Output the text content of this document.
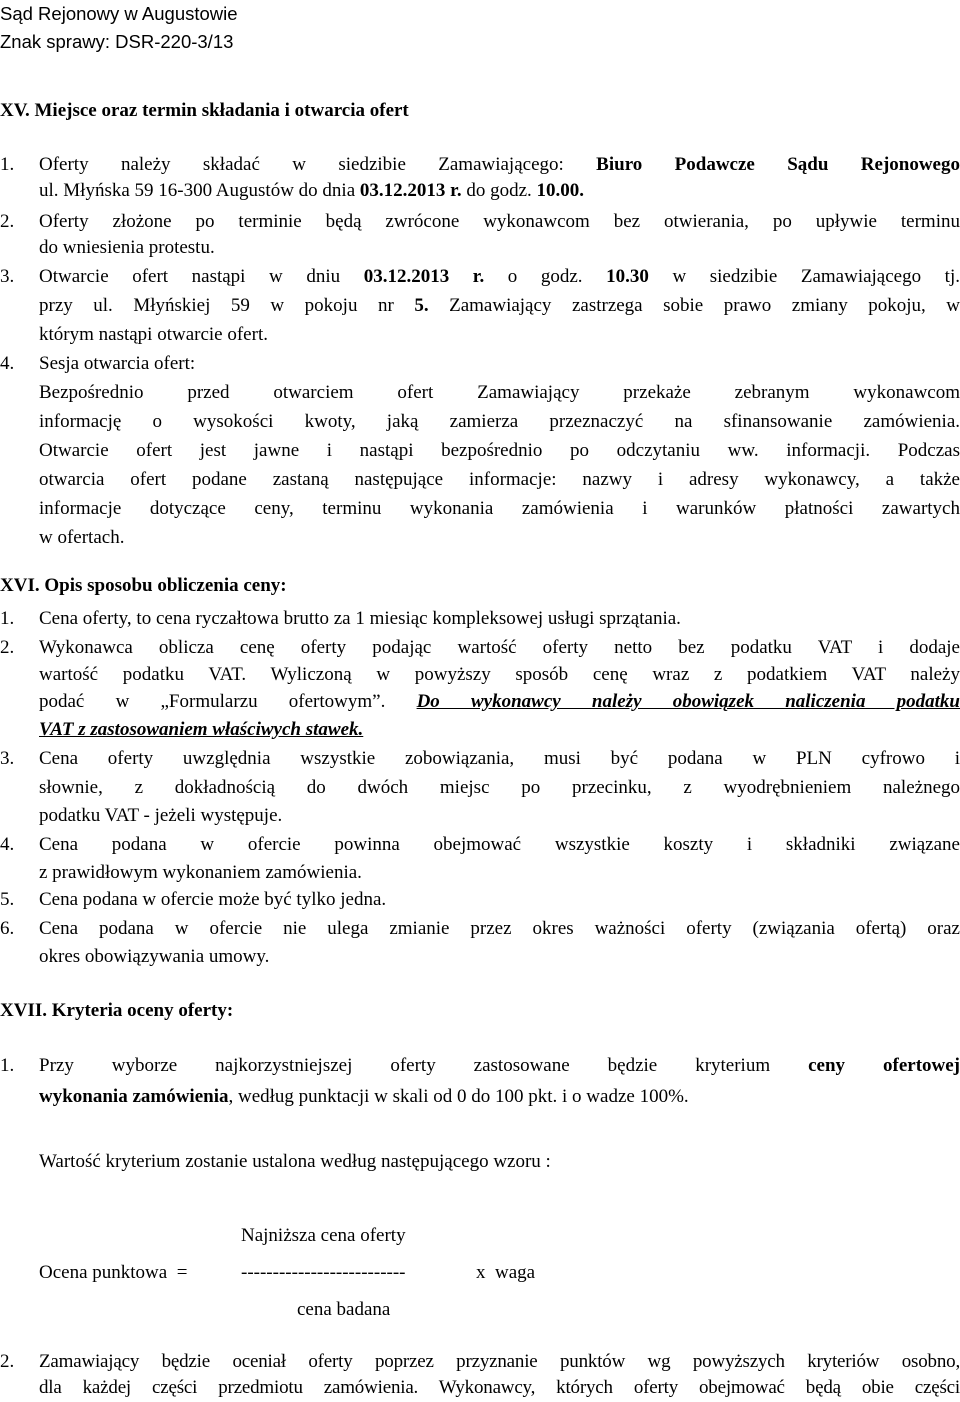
Sąd Rejonowy w Augustowie
Znak sprawy: DSR-220-3/13
XV. Miejsce oraz termin składania i otwarcia ofert
1. Oferty należy składać w siedzibie Zamawiającego: Biuro Podawcze Sądu Rejonowego
ul. Młyńska 59 16-300 Augustów do dnia 03.12.2013 r. do godz. 10.00.
2. Oferty złożone po terminie będą zwrócone wykonawcom bez otwierania, po upływie terminu
do wniesienia protestu.
3. Otwarcie ofert nastąpi w dniu 03.12.2013 r. o godz. 10.30 w siedzibie Zamawiającego tj.
przy ul. Młyńskiej 59 w pokoju nr 5. Zamawiający zastrzega sobie prawo zmiany pokoju, w
którym nastąpi otwarcie ofert.
4. Sesja otwarcia ofert:
Bezpośrednio przed otwarciem ofert Zamawiający przekaże zebranym wykonawcom
informację o wysokości kwoty, jaką zamierza przeznaczyć na sfinansowanie zamówienia.
Otwarcie ofert jest jawne i nastąpi bezpośrednio po odczytaniu ww. informacji. Podczas
otwarcia ofert podane zastaną następujące informacje: nazwy i adresy wykonawcy, a także
informacje dotyczące ceny, terminu wykonania zamówienia i warunków płatności zawartych
w ofertach.
XVI. Opis sposobu obliczenia ceny:
1. Cena oferty, to cena ryczałtowa brutto za 1 miesiąc kompleksowej usługi sprzątania.
2. Wykonawca oblicza cenę oferty podając wartość oferty netto bez podatku VAT i dodaje
wartość podatku VAT. Wyliczoną w powyższy sposób cenę wraz z podatkiem VAT należy
podać w „Formularzu ofertowym”. Do wykonawcy należy obowiązek naliczenia podatku
VAT z zastosowaniem właściwych stawek.
3. Cena oferty uwzględnia wszystkie zobowiązania, musi być podana w PLN cyfrowo i
słownie, z dokładnością do dwóch miejsc po przecinku, z wyodrębnieniem należnego
podatku VAT - jeżeli występuje.
4. Cena podana w ofercie powinna obejmować wszystkie koszty i składniki związane
z prawidłowym wykonaniem zamówienia.
5. Cena podana w ofercie może być tylko jedna.
6. Cena podana w ofercie nie ulega zmianie przez okres ważności oferty (związania ofertą) oraz
okres obowiązywania umowy.
XVII. Kryteria oceny oferty:
1. Przy wyborze najkorzystniejszej oferty zastosowane będzie kryterium ceny ofertowej
wykonania zamówienia, według punktacji w skali od 0 do 100 pkt. i o wadze 100%.
Wartość kryterium zostanie ustalona według następującego wzoru :
Najniższa cena oferty
Ocena punktowa  =	--------------------------	x  waga
cena badana
2. Zamawiający będzie oceniał oferty poprzez przyznanie punktów wg powyższych kryteriów osobno,
dla każdej części przedmiotu zamówienia. Wykonawcy, których oferty obejmować będą obie części
